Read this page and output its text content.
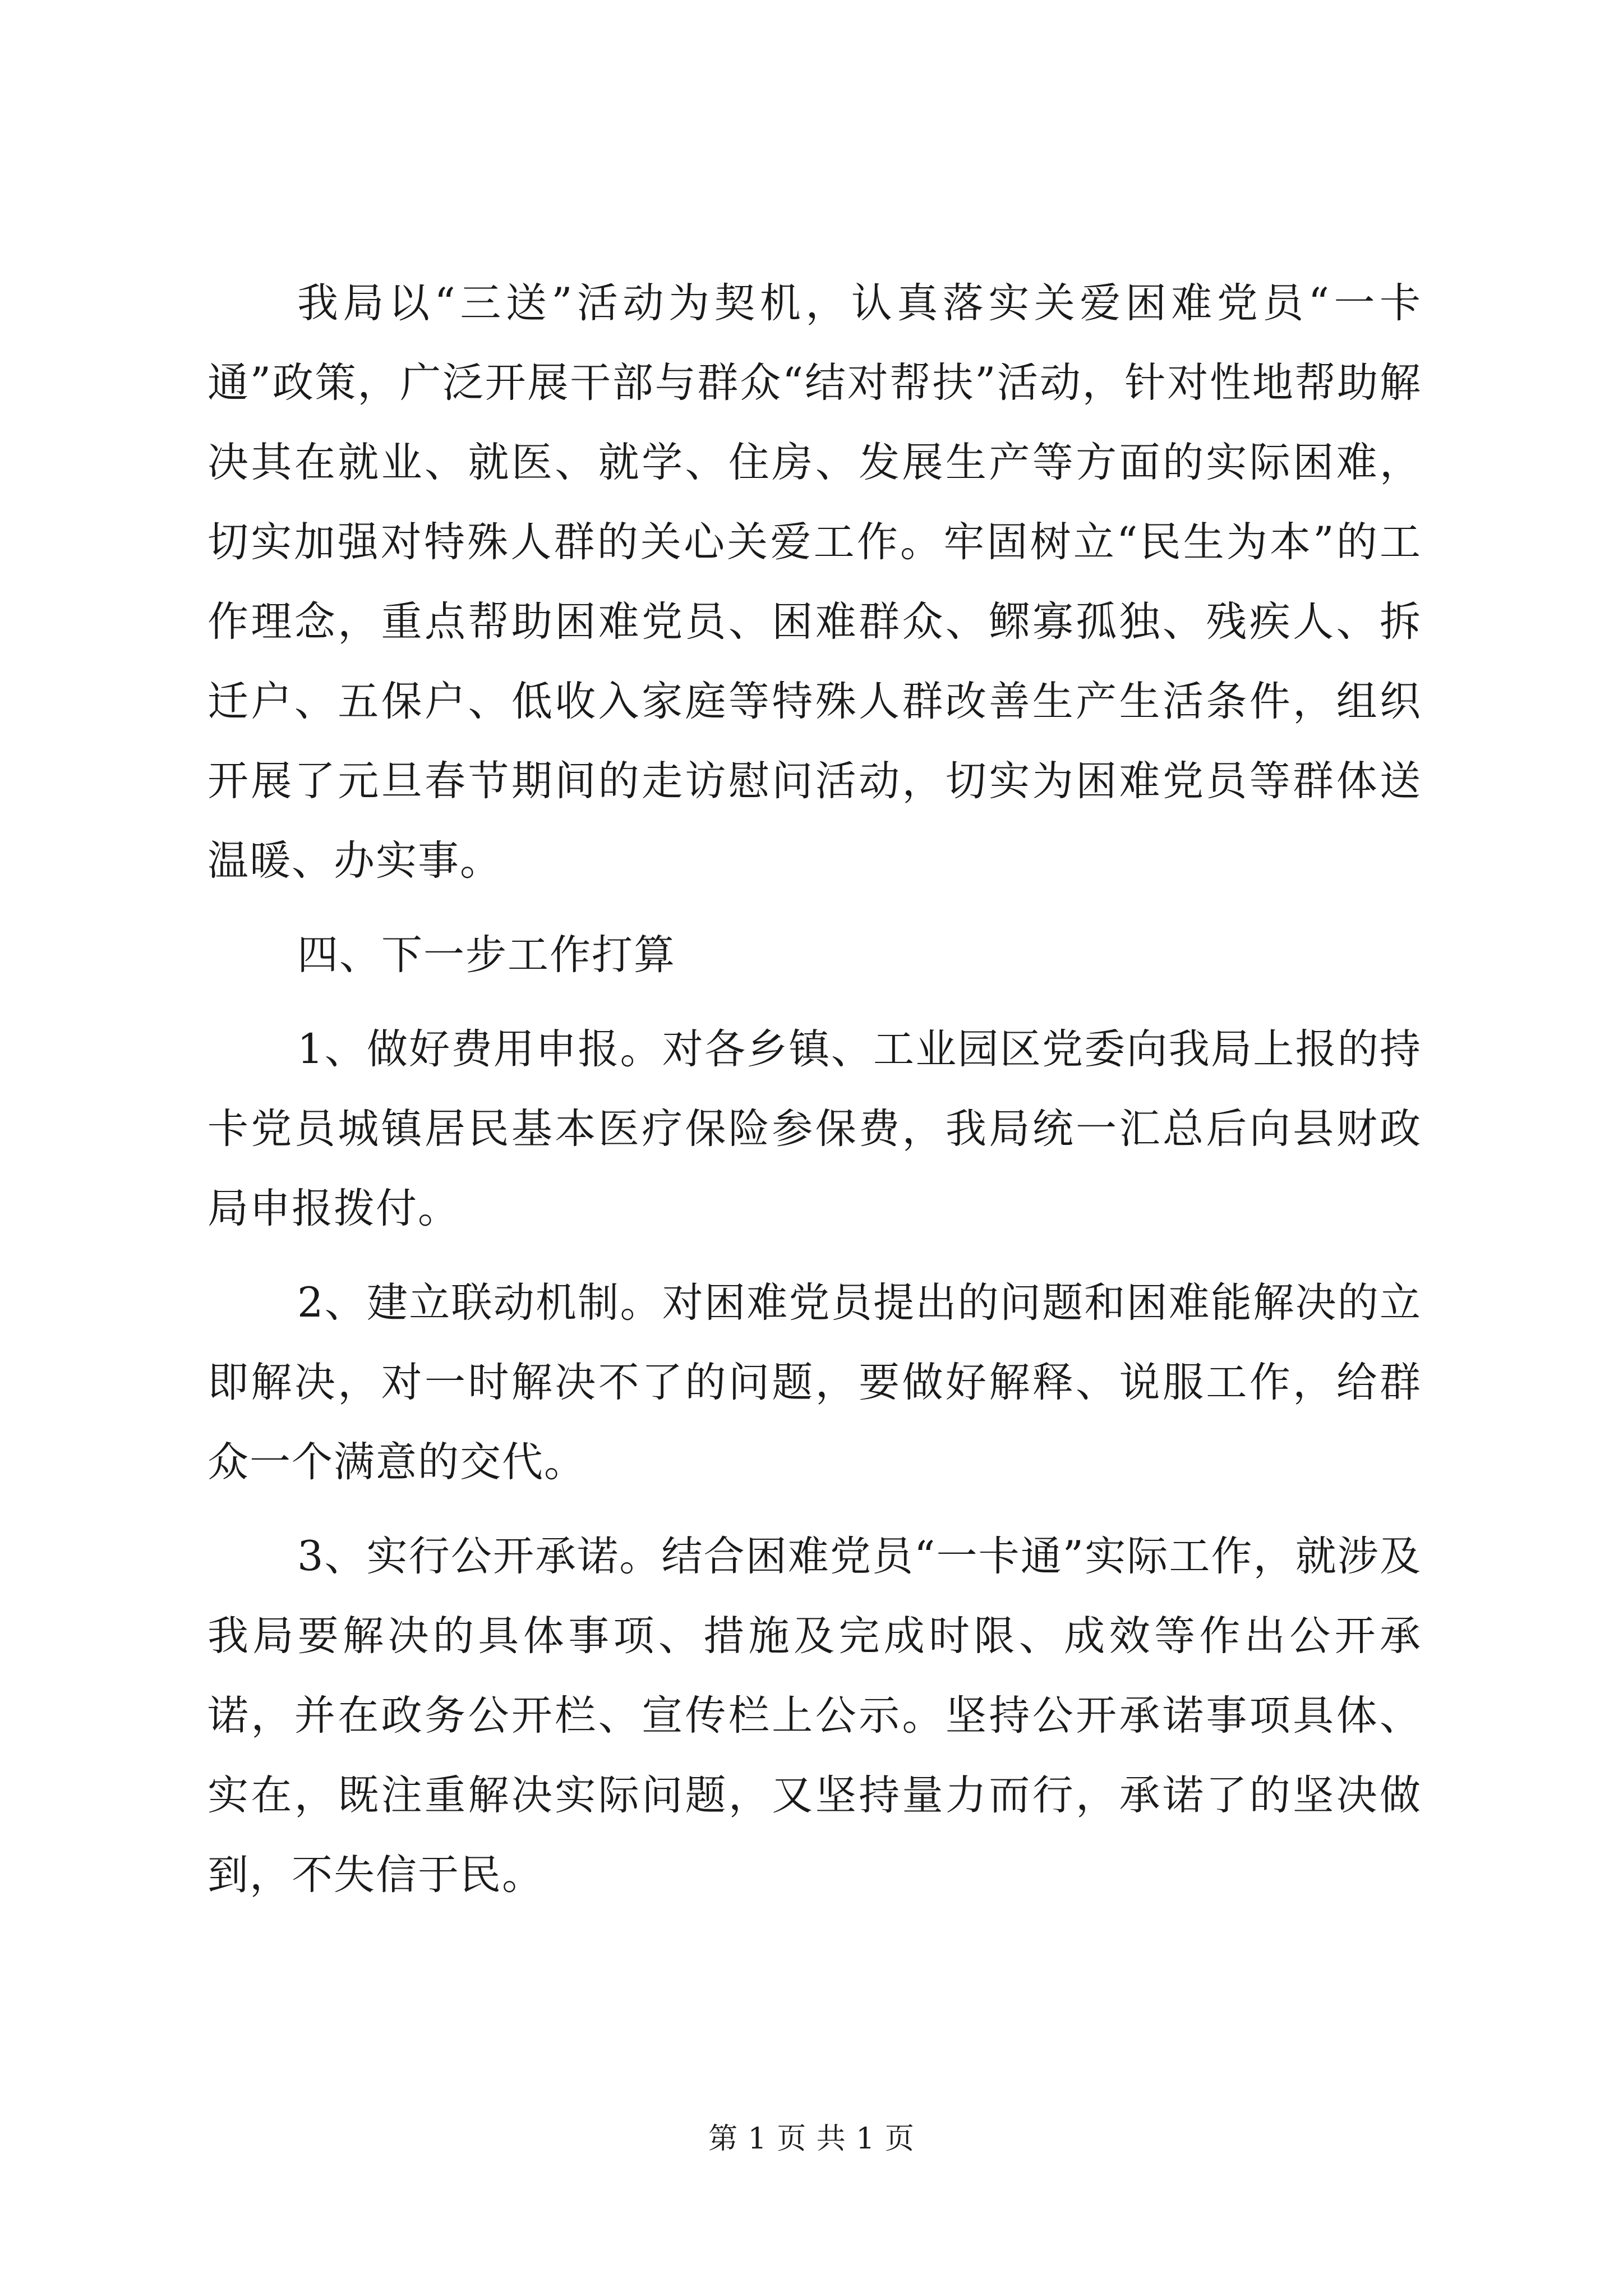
我局以“三送”活动为契机，认真落实关爱困难党员“一卡通”政策，广泛开展干部与群众“结对帮扶”活动，针对性地帮助解决其在就业、就医、就学、住房、发展生产等方面的实际困难，切实加强对特殊人群的关心关爱工作。牢固树立“民生为本”的工作理念，重点帮助困难党员、困难群众、鳏寡孤独、残疾人、拆迁户、五保户、低收入家庭等特殊人群改善生产生活条件，组织开展了元旦春节期间的走访慰问活动，切实为困难党员等群体送温暖、办实事。

四、下一步工作打算

1、做好费用申报。对各乡镇、工业园区党委向我局上报的持卡党员城镇居民基本医疗保险参保费，我局统一汇总后向县财政局申报拨付。

2、建立联动机制。对困难党员提出的问题和困难能解决的立即解决，对一时解决不了的问题，要做好解释、说服工作，给群众一个满意的交代。

3、实行公开承诺。结合困难党员“一卡通”实际工作，就涉及我局要解决的具体事项、措施及完成时限、成效等作出公开承诺，并在政务公开栏、宣传栏上公示。坚持公开承诺事项具体、实在，既注重解决实际问题，又坚持量力而行，承诺了的坚决做到，不失信于民。

第 1 页 共 1 页
